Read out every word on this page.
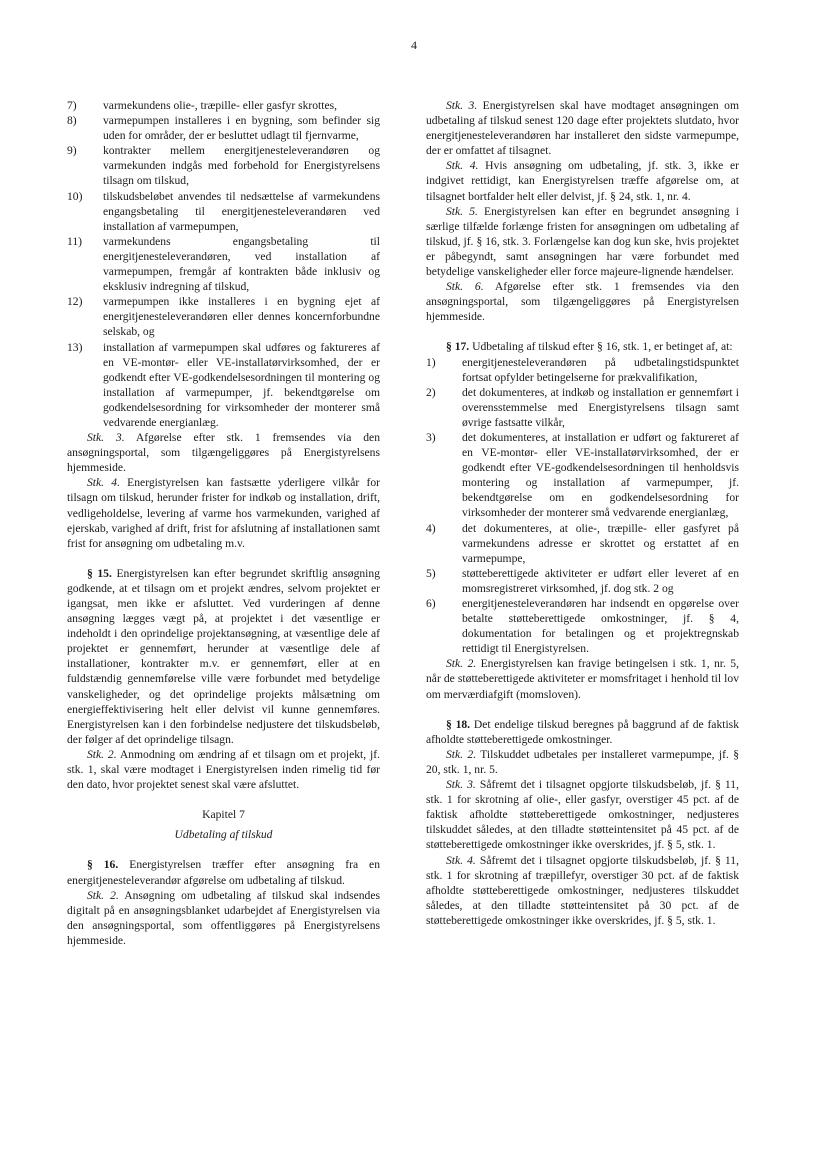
4
7)	varmekundens olie-, træpille- eller gasfyr skrottes,
8)	varmepumpen installeres i en bygning, som befinder sig uden for områder, der er besluttet udlagt til fjernvarme,
9)	kontrakter mellem energitjenesteleverandøren og varmekunden indgås med forbehold for Energistyrelsens tilsagn om tilskud,
10)	tilskudsbeløbet anvendes til nedsættelse af varmekundens engangsbetaling til energitjenesteleverandøren ved installation af varmepumpen,
11)	varmekundens engangsbetaling til energitjenesteleverandøren, ved installation af varmepumpen, fremgår af kontrakten både inklusiv og eksklusiv indregning af tilskud,
12)	varmepumpen ikke installeres i en bygning ejet af energitjenesteleverandøren eller dennes koncernforbundne selskab, og
13)	installation af varmepumpen skal udføres og faktureres af en VE-montør- eller VE-installatørvirksomhed, der er godkendt efter VE-godkendelsesordningen til montering og installation af varmepumper, jf. bekendtgørelse om godkendelsesordning for virksomheder der monterer små vedvarende energianlæg.

Stk. 3. Afgørelse efter stk. 1 fremsendes via den ansøgningsportal, som tilgængeliggøres på Energistyrelsens hjemmeside.

Stk. 4. Energistyrelsen kan fastsætte yderligere vilkår for tilsagn om tilskud, herunder frister for indkøb og installation, drift, vedligeholdelse, levering af varme hos varmekunden, varighed af ejerskab, varighed af drift, frist for afslutning af installationen samt frist for ansøgning om udbetaling m.v.

§ 15. Energistyrelsen kan efter begrundet skriftlig ansøgning godkende, at et tilsagn om et projekt ændres, selvom projektet er igangsat, men ikke er afsluttet. Ved vurderingen af denne ansøgning lægges vægt på, at projektet i det væsentlige er indeholdt i den oprindelige projektansøgning, at væsentlige dele af projektet er gennemført, herunder at væsentlige dele af installationer, kontrakter m.v. er gennemført, eller at en fuldstændig gennemførelse ville være forbundet med betydelige vanskeligheder, og det oprindelige projekts målsætning om energieffektivisering helt eller delvist vil kunne gennemføres. Energistyrelsen kan i den forbindelse nedjustere det tilskudsbeløb, der følger af det oprindelige tilsagn.

Stk. 2. Anmodning om ændring af et tilsagn om et projekt, jf. stk. 1, skal være modtaget i Energistyrelsen inden rimelig tid før den dato, hvor projektet senest skal være afsluttet.

Kapitel 7

Udbetaling af tilskud

§ 16. Energistyrelsen træffer efter ansøgning fra en energitjenesteleverandør afgørelse om udbetaling af tilskud.

Stk. 2. Ansøgning om udbetaling af tilskud skal indsendes digitalt på en ansøgningsblanket udarbejdet af Energistyrelsen via den ansøgningsportal, som offentliggøres på Energistyrelsens hjemmeside.

Stk. 3. Energistyrelsen skal have modtaget ansøgningen om udbetaling af tilskud senest 120 dage efter projektets slutdato, hvor energitjenesteleverandøren har installeret den sidste varmepumpe, der er omfattet af tilsagnet.

Stk. 4. Hvis ansøgning om udbetaling, jf. stk. 3, ikke er indgivet rettidigt, kan Energistyrelsen træffe afgørelse om, at tilsagnet bortfalder helt eller delvist, jf. § 24, stk. 1, nr. 4.

Stk. 5. Energistyrelsen kan efter en begrundet ansøgning i særlige tilfælde forlænge fristen for ansøgningen om udbetaling af tilskud, jf. § 16, stk. 3. Forlængelse kan dog kun ske, hvis projektet er påbegyndt, samt ansøgningen har være forbundet med betydelige vanskeligheder eller force majeure-lignende hændelser.

Stk. 6. Afgørelse efter stk. 1 fremsendes via den ansøgningsportal, som tilgængeliggøres på Energistyrelsen hjemmeside.

§ 17. Udbetaling af tilskud efter § 16, stk. 1, er betinget af, at:

1)	energitjenesteleverandøren på udbetalingstidspunktet fortsat opfylder betingelserne for prækvalifikation,
2)	det dokumenteres, at indkøb og installation er gennemført i overensstemmelse med Energistyrelsens tilsagn samt øvrige fastsatte vilkår,
3)	det dokumenteres, at installation er udført og faktureret af en VE-montør- eller VE-installatørvirksomhed, der er godkendt efter VE-godkendelsesordningen til henholdsvis montering og installation af varmepumper, jf. bekendtgørelse om en godkendelsesordning for virksomheder der monterer små vedvarende energianlæg,
4)	det dokumenteres, at olie-, træpille- eller gasfyret på varmekundens adresse er skrottet og erstattet af en varmepumpe,
5)	støtteberettigede aktiviteter er udført eller leveret af en momsregistreret virksomhed, jf. dog stk. 2 og
6)	energitjenesteleverandøren har indsendt en opgørelse over betalte støtteberettigede omkostninger, jf. § 4, dokumentation for betalingen og et projektregnskab rettidigt til Energistyrelsen.

Stk. 2. Energistyrelsen kan fravige betingelsen i stk. 1, nr. 5, når de støtteberettigede aktiviteter er momsfritaget i henhold til lov om merværdiafgift (momsloven).

§ 18. Det endelige tilskud beregnes på baggrund af de faktisk afholdte støtteberettigede omkostninger.

Stk. 2. Tilskuddet udbetales per installeret varmepumpe, jf. § 20, stk. 1, nr. 5.

Stk. 3. Såfremt det i tilsagnet opgjorte tilskudsbeløb, jf. § 11, stk. 1 for skrotning af olie-, eller gasfyr, overstiger 45 pct. af de faktisk afholdte støtteberettigede omkostninger, nedjusteres tilskuddet således, at den tilladte støtteintensitet på 45 pct. af de støtteberettigede omkostninger ikke overskrides, jf. § 5, stk. 1.

Stk. 4. Såfremt det i tilsagnet opgjorte tilskudsbeløb, jf. § 11, stk. 1 for skrotning af træpillefyr, overstiger 30 pct. af de faktisk afholdte støtteberettigede omkostninger, nedjusteres tilskuddet således, at den tilladte støtteintensitet på 30 pct. af de støtteberettigede omkostninger ikke overskrides, jf. § 5, stk. 1.
